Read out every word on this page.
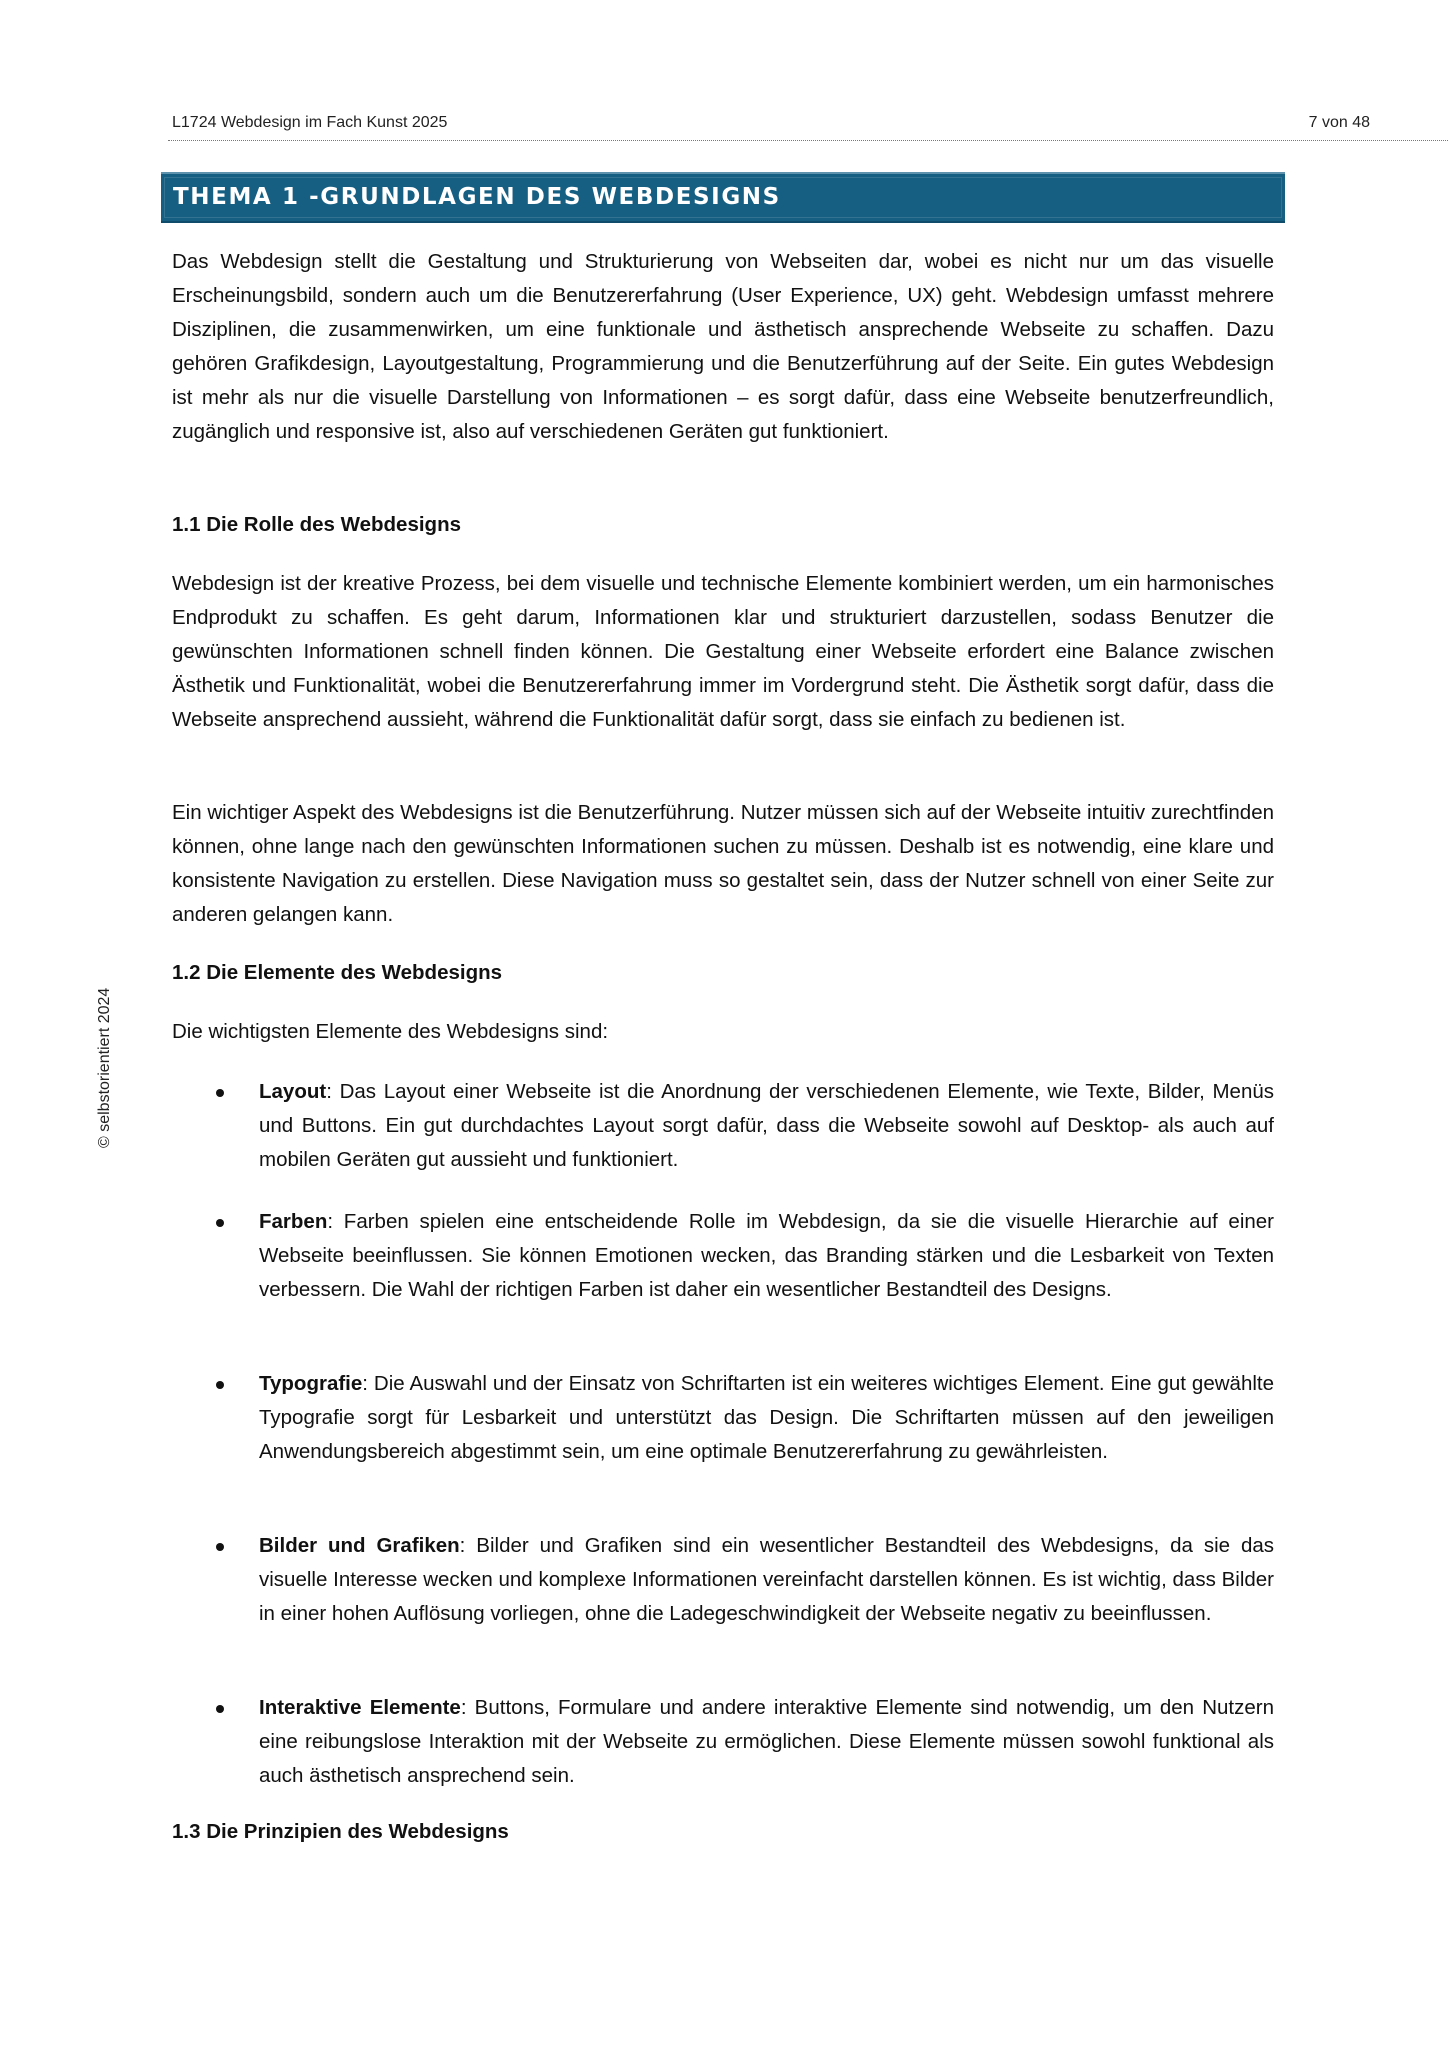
L1724 Webdesign im Fach Kunst 2025	7 von 48
© selbstorientiert 2024
THEMA 1 -GRUNDLAGEN DES WEBDESIGNS
Das Webdesign stellt die Gestaltung und Strukturierung von Webseiten dar, wobei es nicht nur um das visuelle Erscheinungsbild, sondern auch um die Benutzererfahrung (User Experience, UX) geht. Webdesign umfasst mehrere Disziplinen, die zusammenwirken, um eine funktionale und ästhetisch ansprechende Webseite zu schaffen. Dazu gehören Grafikdesign, Layoutgestaltung, Programmierung und die Benutzerführung auf der Seite. Ein gutes Webdesign ist mehr als nur die visuelle Darstellung von Informationen – es sorgt dafür, dass eine Webseite benutzerfreundlich, zugänglich und responsive ist, also auf verschiedenen Geräten gut funktioniert.
1.1 Die Rolle des Webdesigns
Webdesign ist der kreative Prozess, bei dem visuelle und technische Elemente kombiniert werden, um ein harmonisches Endprodukt zu schaffen. Es geht darum, Informationen klar und strukturiert darzustellen, sodass Benutzer die gewünschten Informationen schnell finden können. Die Gestaltung einer Webseite erfordert eine Balance zwischen Ästhetik und Funktionalität, wobei die Benutzererfahrung immer im Vordergrund steht. Die Ästhetik sorgt dafür, dass die Webseite ansprechend aussieht, während die Funktionalität dafür sorgt, dass sie einfach zu bedienen ist.
Ein wichtiger Aspekt des Webdesigns ist die Benutzerführung. Nutzer müssen sich auf der Webseite intuitiv zurechtfinden können, ohne lange nach den gewünschten Informationen suchen zu müssen. Deshalb ist es notwendig, eine klare und konsistente Navigation zu erstellen. Diese Navigation muss so gestaltet sein, dass der Nutzer schnell von einer Seite zur anderen gelangen kann.
1.2 Die Elemente des Webdesigns
Die wichtigsten Elemente des Webdesigns sind:
Layout: Das Layout einer Webseite ist die Anordnung der verschiedenen Elemente, wie Texte, Bilder, Menüs und Buttons. Ein gut durchdachtes Layout sorgt dafür, dass die Webseite sowohl auf Desktop- als auch auf mobilen Geräten gut aussieht und funktioniert.
Farben: Farben spielen eine entscheidende Rolle im Webdesign, da sie die visuelle Hierarchie auf einer Webseite beeinflussen. Sie können Emotionen wecken, das Branding stärken und die Lesbarkeit von Texten verbessern. Die Wahl der richtigen Farben ist daher ein wesentlicher Bestandteil des Designs.
Typografie: Die Auswahl und der Einsatz von Schriftarten ist ein weiteres wichtiges Element. Eine gut gewählte Typografie sorgt für Lesbarkeit und unterstützt das Design. Die Schriftarten müssen auf den jeweiligen Anwendungsbereich abgestimmt sein, um eine optimale Benutzererfahrung zu gewährleisten.
Bilder und Grafiken: Bilder und Grafiken sind ein wesentlicher Bestandteil des Webdesigns, da sie das visuelle Interesse wecken und komplexe Informationen vereinfacht darstellen können. Es ist wichtig, dass Bilder in einer hohen Auflösung vorliegen, ohne die Ladegeschwindigkeit der Webseite negativ zu beeinflussen.
Interaktive Elemente: Buttons, Formulare und andere interaktive Elemente sind notwendig, um den Nutzern eine reibungslose Interaktion mit der Webseite zu ermöglichen. Diese Elemente müssen sowohl funktional als auch ästhetisch ansprechend sein.
1.3 Die Prinzipien des Webdesigns
